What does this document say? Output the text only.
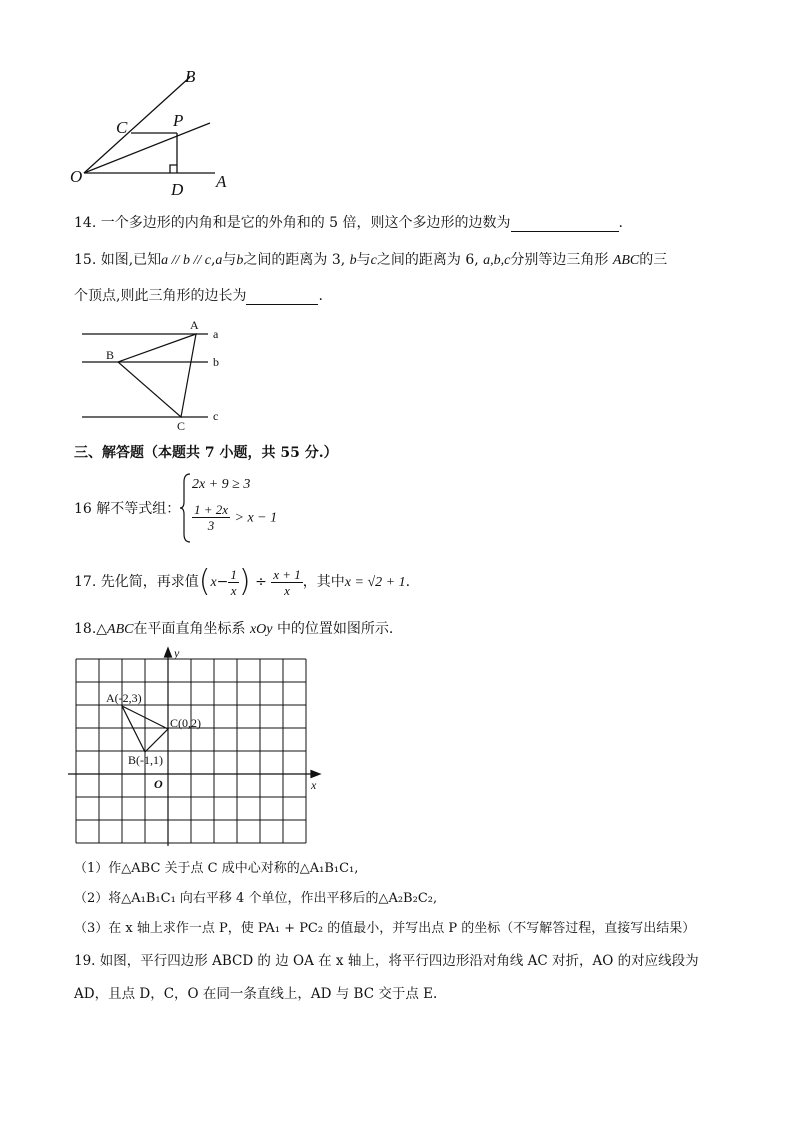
B
C	P
O
D A
14. 一个多边形的内角和是它的外角和的 5 倍，则这个多边形的边数为	.
15. 如图,已知a // b // c,a与b之间的距离为 3, b与c之间的距离为 6, a,b,c分别等边三角形 ABC的三
个顶点,则此三角形的边长为	.
A
B
C
a
b
c
三、解答题（本题共 7 小题，共 55 分.）
16 解不等式组：
2x + 9 ≥ 3
$\frac{1 + 2x}{3} > x - 1$
17. 先化简，再求值($x- \frac{1}{x}$ ) ÷ $\frac{x + 1}{x}$ ，其中x = √2 + 1.
18.△ABC在平面直角坐标系 xOy 中的位置如图所示.
y
x
O
A(-2,3)
B(-1,1)
C(0,2)
（1）作△ABC 关于点 C 成中心对称的△A₁B₁C₁,
（2）将△A₁B₁C₁ 向右平移 4 个单位，作出平移后的△A₂B₂C₂,
（3）在 x 轴上求作一点 P，使 PA₁ + PC₂ 的值最小，并写出点 P 的坐标（不写解答过程，直接写出结果）
19. 如图，平行四边形 ABCD 的 边 OA 在 x 轴上，将平行四边形沿对角线 AC 对折，AO 的对应线段为
AD，且点 D，C，O 在同一条直线上，AD 与 BC 交于点 E.
